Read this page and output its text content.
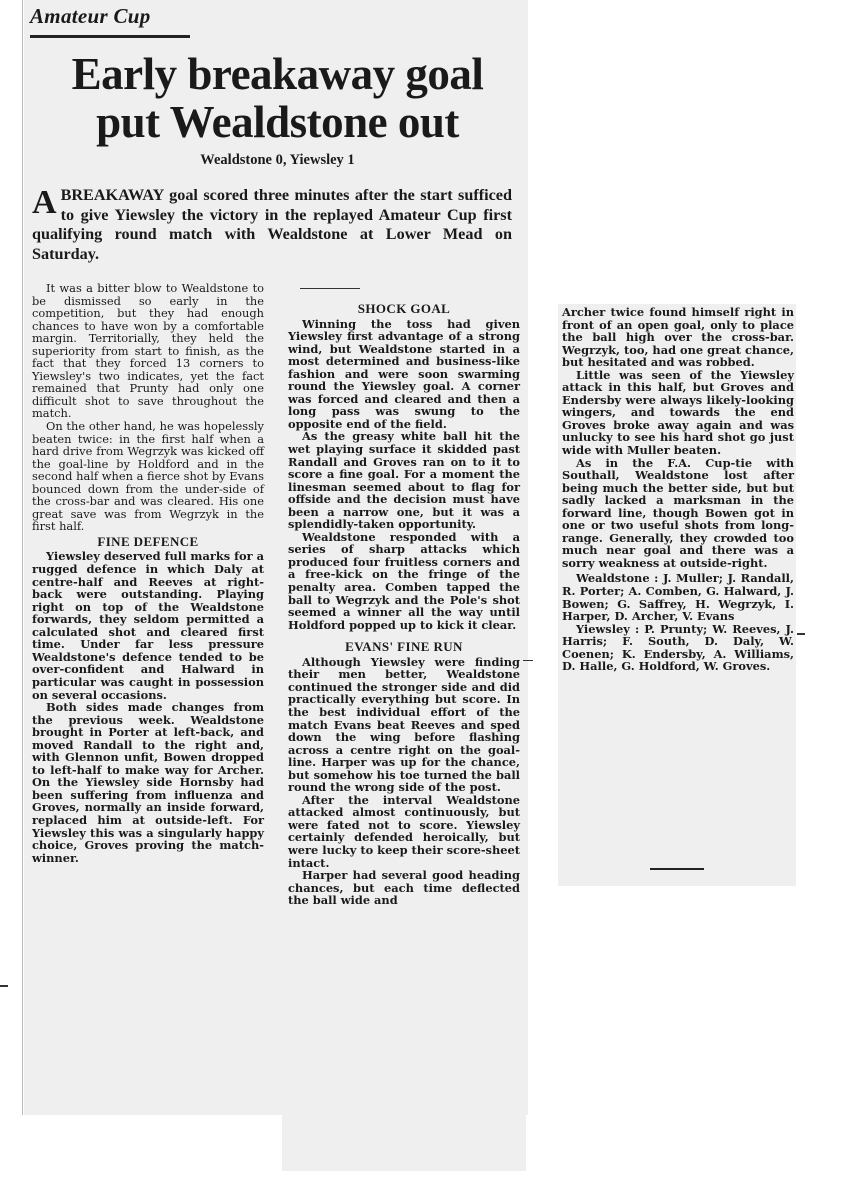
Amateur Cup
Early breakaway goal
put Wealdstone out
Wealdstone 0, Yiewsley 1
ABREAKAWAY goal scored three minutes after the start sufficed to give Yiewsley the victory in the replayed Amateur Cup first qualifying round match with Wealdstone at Lower Mead on Saturday.

It was a bitter blow to Wealdstone to be dismissed so early in the competition, but they had enough chances to have won by a comfortable margin. Territorially, they held the superiority from start to finish, as the fact that they forced 13 corners to Yiewsley's two indicates, yet the fact remained that Prunty had only one difficult shot to save throughout the match.

On the other hand, he was hopelessly beaten twice: in the first half when a hard drive from Wegrzyk was kicked off the goal-line by Holdford and in the second half when a fierce shot by Evans bounced down from the under-side of the cross-bar and was cleared. His one great save was from Wegrzyk in the first half.

FINE DEFENCE

Yiewsley deserved full marks for a rugged defence in which Daly at centre-half and Reeves at right-back were outstanding. Playing right on top of the Wealdstone forwards, they seldom permitted a calculated shot and cleared first time. Under far less pressure Wealdstone's defence tended to be over-confident and Halward in particular was caught in possession on several occasions.

Both sides made changes from the previous week. Wealdstone brought in Porter at left-back, and moved Randall to the right and, with Glennon unfit, Bowen dropped to left-half to make way for Archer. On the Yiewsley side Hornsby had been suffering from influenza and Groves, normally an inside forward, replaced him at outside-left. For Yiewsley this was a singularly happy choice, Groves proving the match-winner.

SHOCK GOAL

Winning the toss had given Yiewsley first advantage of a strong wind, but Wealdstone started in a most determined and business-like fashion and were soon swarming round the Yiewsley goal. A corner was forced and cleared and then a long pass was swung to the opposite end of the field.

As the greasy white ball hit the wet playing surface it skidded past Randall and Groves ran on to it to score a fine goal. For a moment the linesman seemed about to flag for offside and the decision must have been a narrow one, but it was a splendidly-taken opportunity.

Wealdstone responded with a series of sharp attacks which produced four fruitless corners and a free-kick on the fringe of the penalty area. Comben tapped the ball to Wegrzyk and the Pole's shot seemed a winner all the way until Holdford popped up to kick it clear.

EVANS' FINE RUN

Although Yiewsley were finding their men better, Wealdstone continued the stronger side and did practically everything but score. In the best individual effort of the match Evans beat Reeves and sped down the wing before flashing across a centre right on the goal-line. Harper was up for the chance, but somehow his toe turned the ball round the wrong side of the post.

After the interval Wealdstone attacked almost continuously, but were fated not to score. Yiewsley certainly defended heroically, but were lucky to keep their score-sheet intact.

Harper had several good heading chances, but each time deflected the ball wide and

Archer twice found himself right in front of an open goal, only to place the ball high over the cross-bar. Wegrzyk, too, had one great chance, but hesitated and was robbed.

Little was seen of the Yiewsley attack in this half, but Groves and Endersby were always likely-looking wingers, and towards the end Groves broke away again and was unlucky to see his hard shot go just wide with Muller beaten.

As in the F.A. Cup-tie with Southall, Wealdstone lost after being much the better side, but but sadly lacked a marksman in the forward line, though Bowen got in one or two useful shots from long-range. Generally, they crowded too much near goal and there was a sorry weakness at outside-right.

Wealdstone : J. Muller; J. Randall, R. Porter; A. Comben, G. Halward, J. Bowen; G. Saffrey, H. Wegrzyk, I. Harper, D. Archer, V. Evans

Yiewsley : P. Prunty; W. Reeves, J. Harris; F. South, D. Daly, W. Coenen; K. Endersby, A. Williams, D. Halle, G. Holdford, W. Groves.
